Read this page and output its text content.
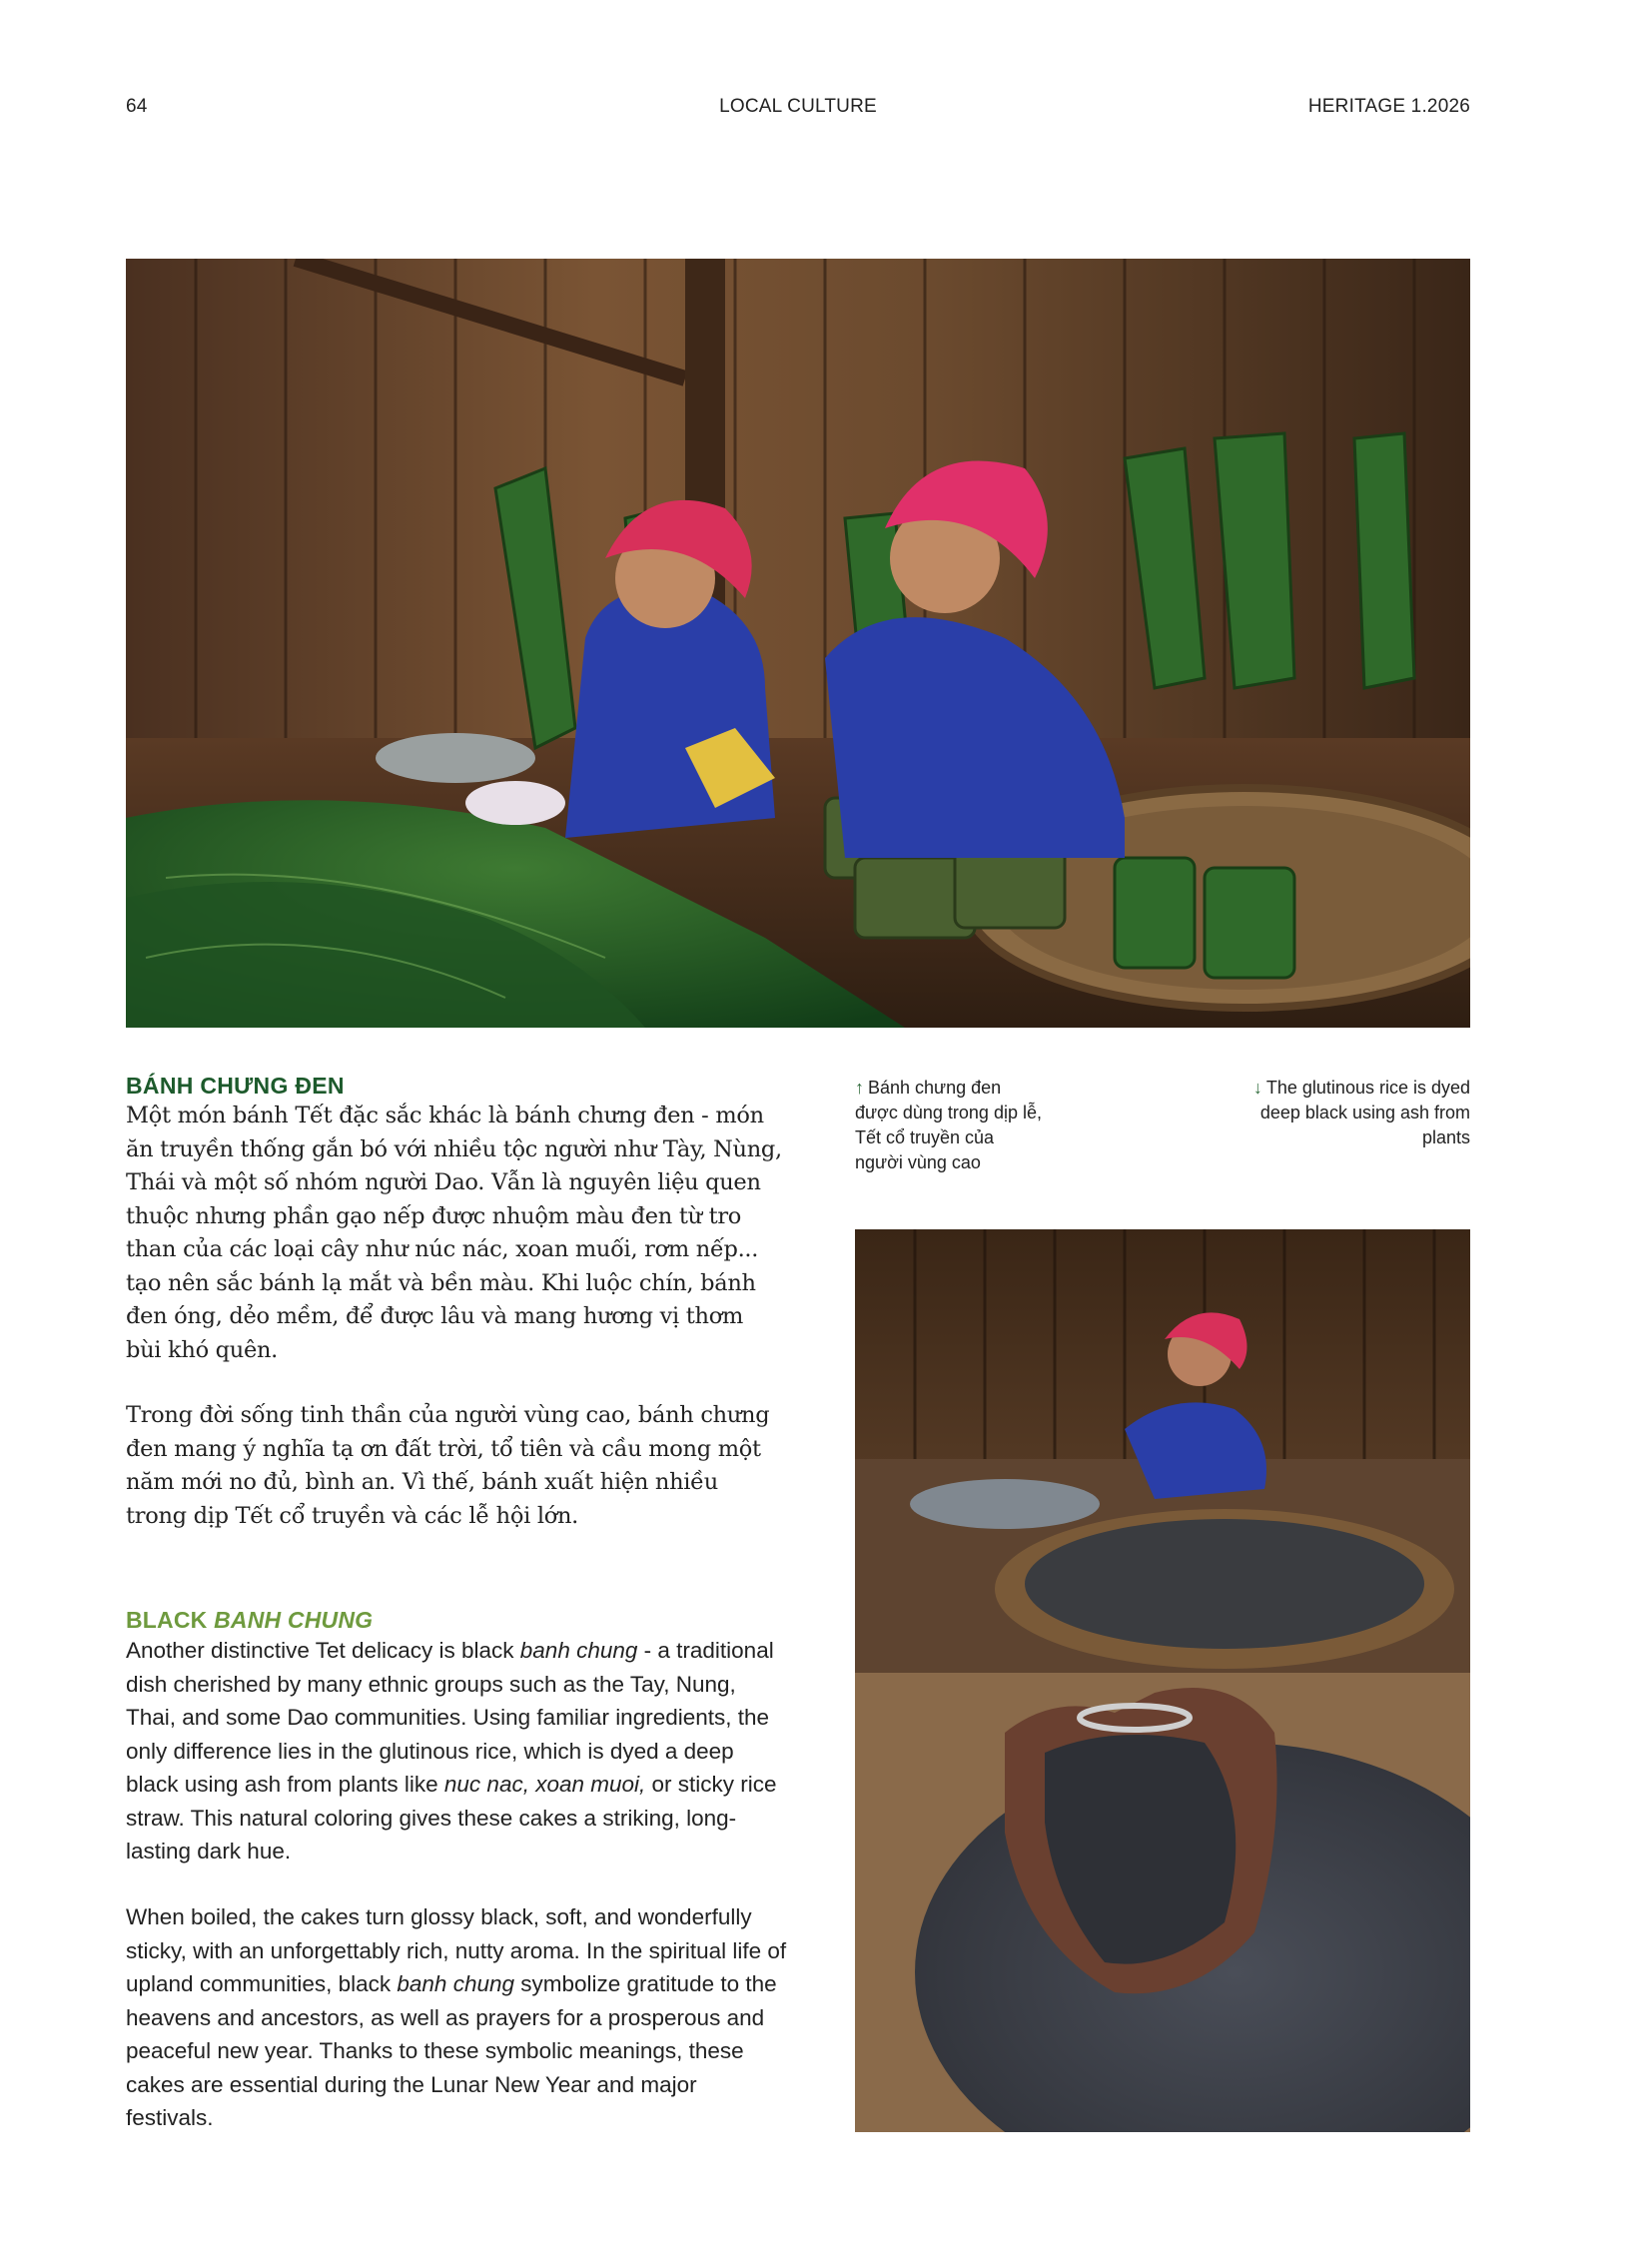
64	LOCAL CULTURE	HERITAGE 1.2026
BÁNH CHƯNG ĐEN

Một món bánh Tết đặc sắc khác là bánh chưng đen - món ăn truyền thống gắn bó với nhiều tộc người như Tày, Nùng, Thái và một số nhóm người Dao. Vẫn là nguyên liệu quen thuộc nhưng phần gạo nếp được nhuộm màu đen từ tro than của các loại cây như núc nác, xoan muối, rơm nếp... tạo nên sắc bánh lạ mắt và bền màu. Khi luộc chín, bánh đen óng, dẻo mềm, để được lâu và mang hương vị thơm bùi khó quên.

Trong đời sống tinh thần của người vùng cao, bánh chưng đen mang ý nghĩa tạ ơn đất trời, tổ tiên và cầu mong một năm mới no đủ, bình an. Vì thế, bánh xuất hiện nhiều trong dịp Tết cổ truyền và các lễ hội lớn.

BLACK BANH CHUNG

Another distinctive Tet delicacy is black banh chung - a traditional dish cherished by many ethnic groups such as the Tay, Nung, Thai, and some Dao communities. Using familiar ingredients, the only difference lies in the glutinous rice, which is dyed a deep black using ash from plants like nuc nac, xoan muoi, or sticky rice straw. This natural coloring gives these cakes a striking, long-lasting dark hue.

When boiled, the cakes turn glossy black, soft, and wonderfully sticky, with an unforgettably rich, nutty aroma. In the spiritual life of upland communities, black banh chung symbolize gratitude to the heavens and ancestors, as well as prayers for a prosperous and peaceful new year. Thanks to these symbolic meanings, these cakes are essential during the Lunar New Year and major festivals.

↑ Bánh chưng đen được dùng trong dịp lễ, Tết cổ truyền của người vùng cao
↓ The glutinous rice is dyed deep black using ash from plants
